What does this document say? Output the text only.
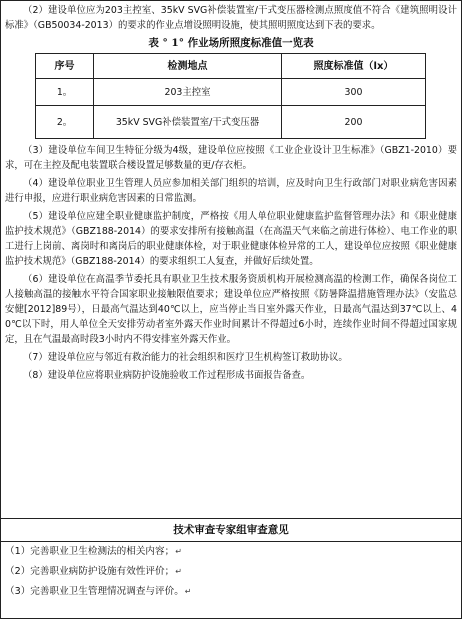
（2）建设单位应为203主控室、35kV SVG补偿装置室/干式变压器检测点照度值不符合《建筑照明设计标准》（GB50034-2013）的要求的作业点增设照明设施，使其照明照度达到下表的要求。

表 ° 1° 作业场所照度标准值一览表
序号	检测地点	照度标准值（lx）
1。	203主控室	300
2。	35kV SVG补偿装置室/干式变压器	200

（3）建设单位车间卫生特征分级为4级，建设单位应按照《工业企业设计卫生标准》（GBZ1-2010）要求，可在主控及配电装置联合楼设置足够数量的更/存衣柜。

（4）建设单位职业卫生管理人员应参加相关部门组织的培训，应及时向卫生行政部门对职业病危害因素进行申报，应进行职业病危害因素的日常监测。

（5）建设单位应建全职业健康监护制度，严格按《用人单位职业健康监护监督管理办法》和《职业健康监护技术规范》（GBZ188-2014）的要求安排所有接触高温（在高温天气来临之前进行体检）、电工作业的职工进行上岗前、离岗时和离岗后的职业健康体检，对于职业健康体检异常的工人，建设单位应按照《职业健康监护技术规范》（GBZ188-2014）的要求组织工人复查，并做好后续处置。

（6）建设单位在高温季节委托具有职业卫生技术服务资质机构开展检测高温的检测工作，确保各岗位工人接触高温的接触水平符合国家职业接触限值要求；建设单位应严格按照《防暑降温措施管理办法》（安监总安健[2012]89号），日最高气温达到40℃以上，应当停止当日室外露天作业，日最高气温达到37℃以上、40℃以下时，用人单位全天安排劳动者室外露天作业时间累计不得超过6小时，连续作业时间不得超过国家规定，且在气温最高时段3小时内不得安排室外露天作业。

（7）建设单位应与邻近有救治能力的社会组织和医疗卫生机构签订救助协议。

（8）建设单位应将职业病防护设施验收工作过程形成书面报告备查。

技术审查专家组审查意见
（1）完善职业卫生检测法的相关内容；↵
（2）完善职业病防护设施有效性评价；↵
（3）完善职业卫生管理情况调查与评价。↵
